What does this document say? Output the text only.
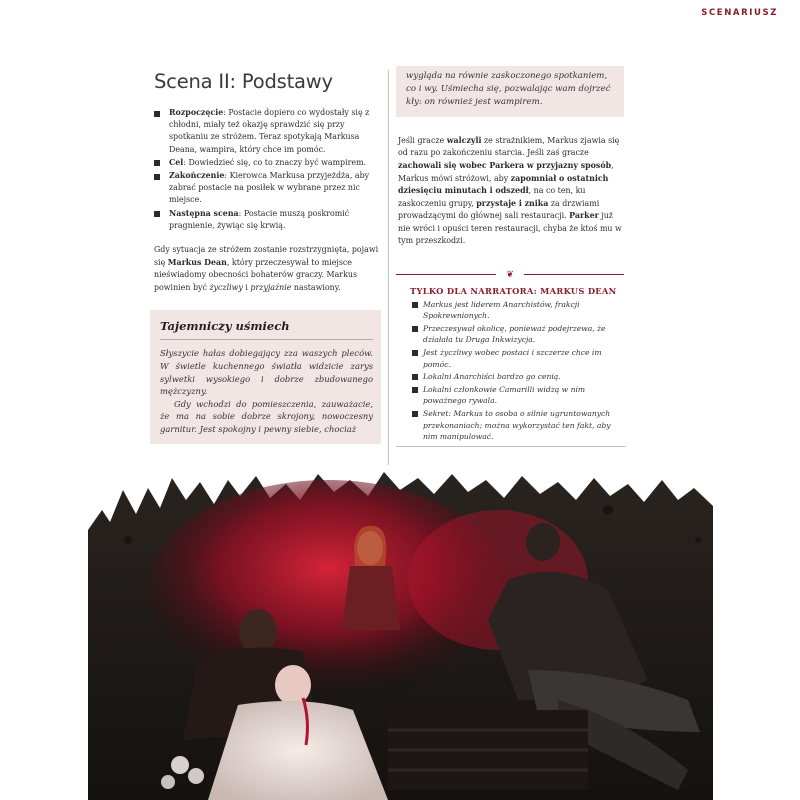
SCENARIUSZ
Scena II: Podstawy
Rozpoczęcie: Postacie dopiero co wydostały się z chłodni, miały też okazję sprawdzić się przy spotkaniu ze stróżem. Teraz spotykają Markusa Deana, wampira, który chce im pomóc.
Cel: Dowiedzieć się, co to znaczy być wampirem.
Zakończenie: Kierowca Markusa przyjeżdża, aby zabrać postacie na posiłek w wybrane przez nic miejsce.
Następna scena: Postacie muszą poskromić pragnienie, żywiąc się krwią.

Gdy sytuacja ze stróżem zostanie rozstrzygnięta, pojawi się Markus Dean, który przeczesywał to miejsce nieświadomy obecności bohaterów graczy. Markus powinien być życzliwy i przyjaźnie nastawiony.

Tajemniczy uśmiech

Słyszycie hałas dobiegający zza waszych pleców. W świetle kuchennego światła widzicie zarys sylwetki wysokiego i dobrze zbudowanego mężczyzny.
Gdy wchodzi do pomieszczenia, zauważacie, że ma na sobie dobrze skrojony, nowoczesny garnitur. Jest spokojny i pewny siebie, chociaż

wygląda na równie zaskoczonego spotkaniem, co i wy. Uśmiecha się, pozwalając wam dojrzeć kły: on również jest wampirem.

Jeśli gracze walczyli ze strażnikiem, Markus zjawia się od razu po zakończeniu starcia. Jeśli zaś gracze zachowali się wobec Parkera w przyjazny sposób, Markus mówi stróżowi, aby zapomniał o ostatnich dziesięciu minutach i odszedł, na co ten, ku zaskoczeniu grupy, przystaje i znika za drzwiami prowadzącymi do głównej sali restauracji. Parker już nie wróci i opuści teren restauracji, chyba że ktoś mu w tym przeszkodzi.

❦
TYLKO DLA NARRATORA: MARKUS DEAN
Markus jest liderem Anarchistów, frakcji Spokrewnionych.
Przeczesywał okolicę, ponieważ podejrzewa, że działała tu Druga Inkwizycja.
Jest życzliwy wobec postaci i szczerze chce im pomóc.
Lokalni Anarchiści bardzo go cenią.
Lokalni członkowie Camarilli widzą w nim poważnego rywala.
Sekret: Markus to osoba o silnie ugruntowanych przekonaniach; można wykorzystać ten fakt, aby nim manipulować.
